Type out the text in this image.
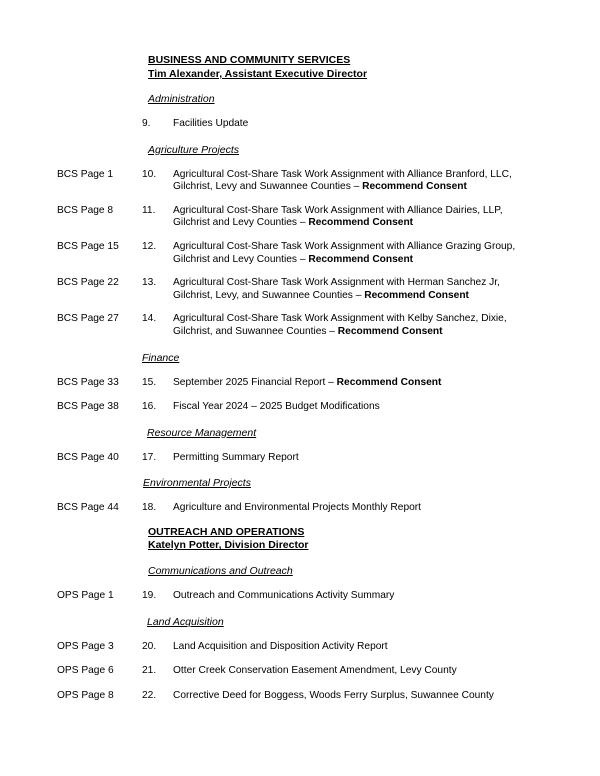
BUSINESS AND COMMUNITY SERVICES
Tim Alexander, Assistant Executive Director
Administration
9.	Facilities Update
Agriculture Projects
BCS Page 1	10.	Agricultural Cost-Share Task Work Assignment with Alliance Branford, LLC,
Gilchrist, Levy and Suwannee Counties – Recommend Consent
BCS Page 8	11.	Agricultural Cost-Share Task Work Assignment with Alliance Dairies, LLP,
Gilchrist and Levy Counties – Recommend Consent
BCS Page 15	12.	Agricultural Cost-Share Task Work Assignment with Alliance Grazing Group,
Gilchrist and Levy Counties – Recommend Consent
BCS Page 22	13.	Agricultural Cost-Share Task Work Assignment with Herman Sanchez Jr,
Gilchrist, Levy, and Suwannee Counties – Recommend Consent
BCS Page 27	14.	Agricultural Cost-Share Task Work Assignment with Kelby Sanchez, Dixie,
Gilchrist, and Suwannee Counties – Recommend Consent
Finance
BCS Page 33	15.	September 2025 Financial Report – Recommend Consent
BCS Page 38	16.	Fiscal Year 2024 – 2025 Budget Modifications
Resource Management
BCS Page 40	17.	Permitting Summary Report
Environmental Projects
BCS Page 44	18.	Agriculture and Environmental Projects Monthly Report
OUTREACH AND OPERATIONS
Katelyn Potter, Division Director
Communications and Outreach
OPS Page 1	19.	Outreach and Communications Activity Summary
Land Acquisition
OPS Page 3	20.	Land Acquisition and Disposition Activity Report
OPS Page 6	21.	Otter Creek Conservation Easement Amendment, Levy County
OPS Page 8	22.	Corrective Deed for Boggess, Woods Ferry Surplus, Suwannee County
